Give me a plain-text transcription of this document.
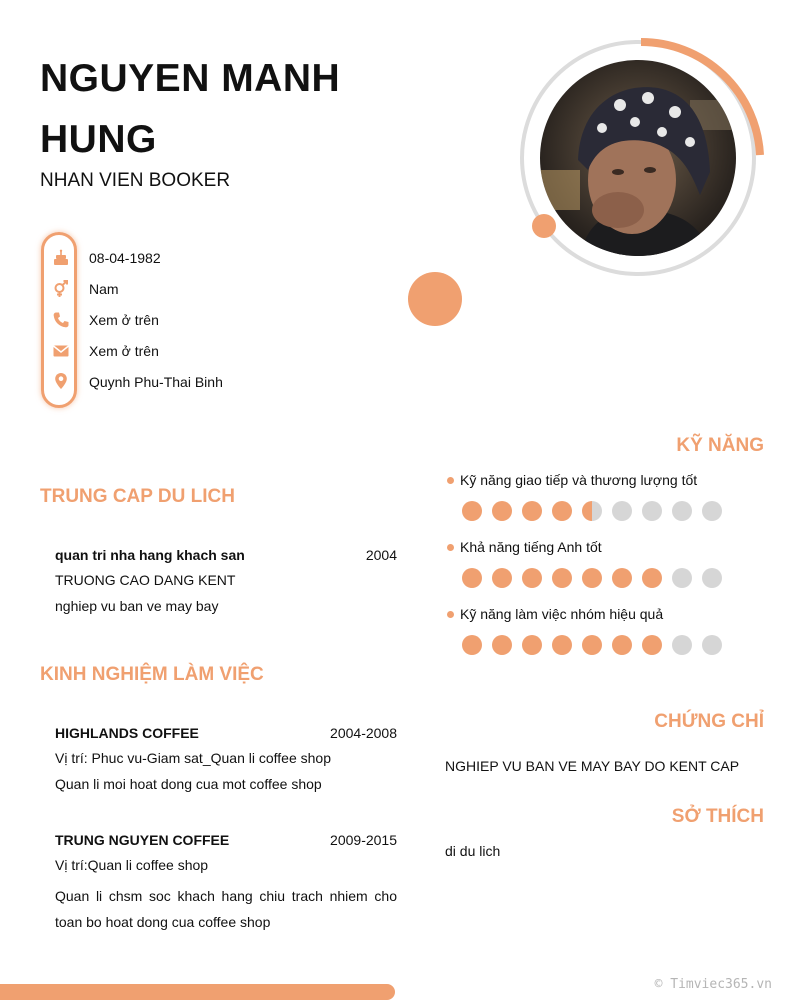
NGUYEN MANH
HUNG
NHAN VIEN BOOKER
08-04-1982
Nam
Xem ở trên
Xem ở trên
Quynh Phu-Thai Binh
TRUNG CAP DU LICH
quan tri nha hang khach san	2004
TRUONG CAO DANG KENT
nghiep vu ban ve may bay
KINH NGHIỆM LÀM VIỆC
HIGHLANDS COFFEE	2004-2008
Vị trí: Phuc vu-Giam sat_Quan li coffee shop
Quan li moi hoat dong cua mot coffee shop
TRUNG NGUYEN COFFEE	2009-2015
Vị trí:Quan li coffee shop
Quan li chsm soc khach hang chiu trach nhiem cho toan bo hoat dong cua coffee shop
KỸ NĂNG
Kỹ năng giao tiếp và thương lượng tốt
Khả năng tiếng Anh tốt
Kỹ năng làm việc nhóm hiệu quả
CHỨNG CHỈ
NGHIEP VU BAN VE MAY BAY DO KENT CAP
SỞ THÍCH
di du lich
© Timviec365.vn
